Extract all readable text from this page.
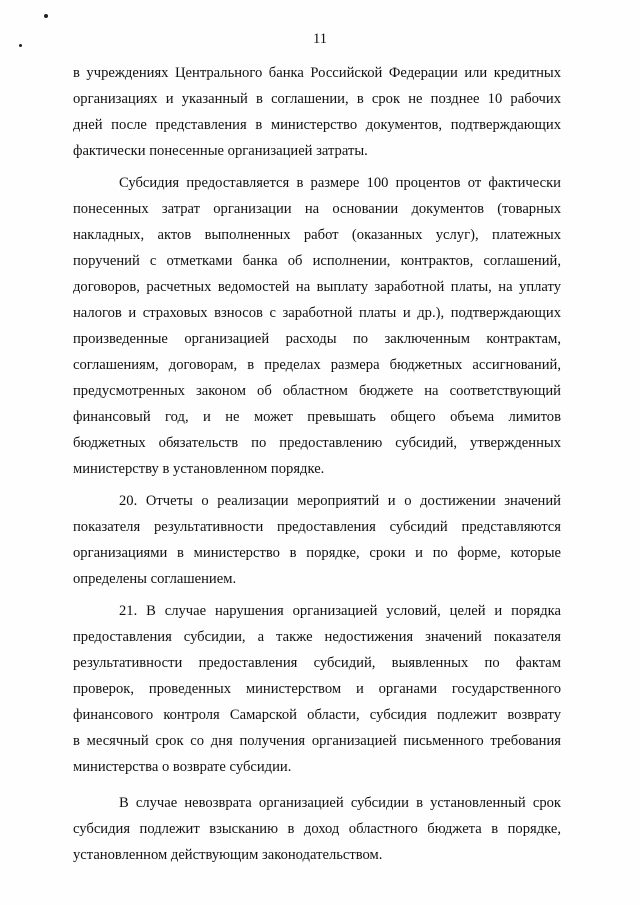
11
в учреждениях Центрального банка Российской Федерации или кредитных
организациях и указанный в соглашении, в срок не позднее 10 рабочих
дней после представления в министерство документов, подтверждающих
фактически понесенные организацией затраты.
Субсидия предоставляется в размере 100 процентов от фактически
понесенных затрат организации на основании документов (товарных
накладных, актов выполненных работ (оказанных услуг), платежных
поручений с отметками банка об исполнении, контрактов, соглашений,
договоров, расчетных ведомостей на выплату заработной платы, на уплату
налогов и страховых взносов с заработной платы и др.), подтверждающих
произведенные организацией расходы по заключенным контрактам,
соглашениям, договорам, в пределах размера бюджетных ассигнований,
предусмотренных законом об областном бюджете на соответствующий
финансовый год, и не может превышать общего объема лимитов
бюджетных обязательств по предоставлению субсидий, утвержденных
министерству в установленном порядке.
20. Отчеты о реализации мероприятий и о достижении значений
показателя результативности предоставления субсидий представляются
организациями в министерство в порядке, сроки и по форме, которые
определены соглашением.
21. В случае нарушения организацией условий, целей и порядка
предоставления субсидии, а также недостижения значений показателя
результативности предоставления субсидий, выявленных по фактам
проверок, проведенных министерством и органами государственного
финансового контроля Самарской области, субсидия подлежит возврату
в месячный срок со дня получения организацией письменного требования
министерства о возврате субсидии.
В случае невозврата организацией субсидии в установленный срок
субсидия подлежит взысканию в доход областного бюджета в порядке,
установленном действующим законодательством.
